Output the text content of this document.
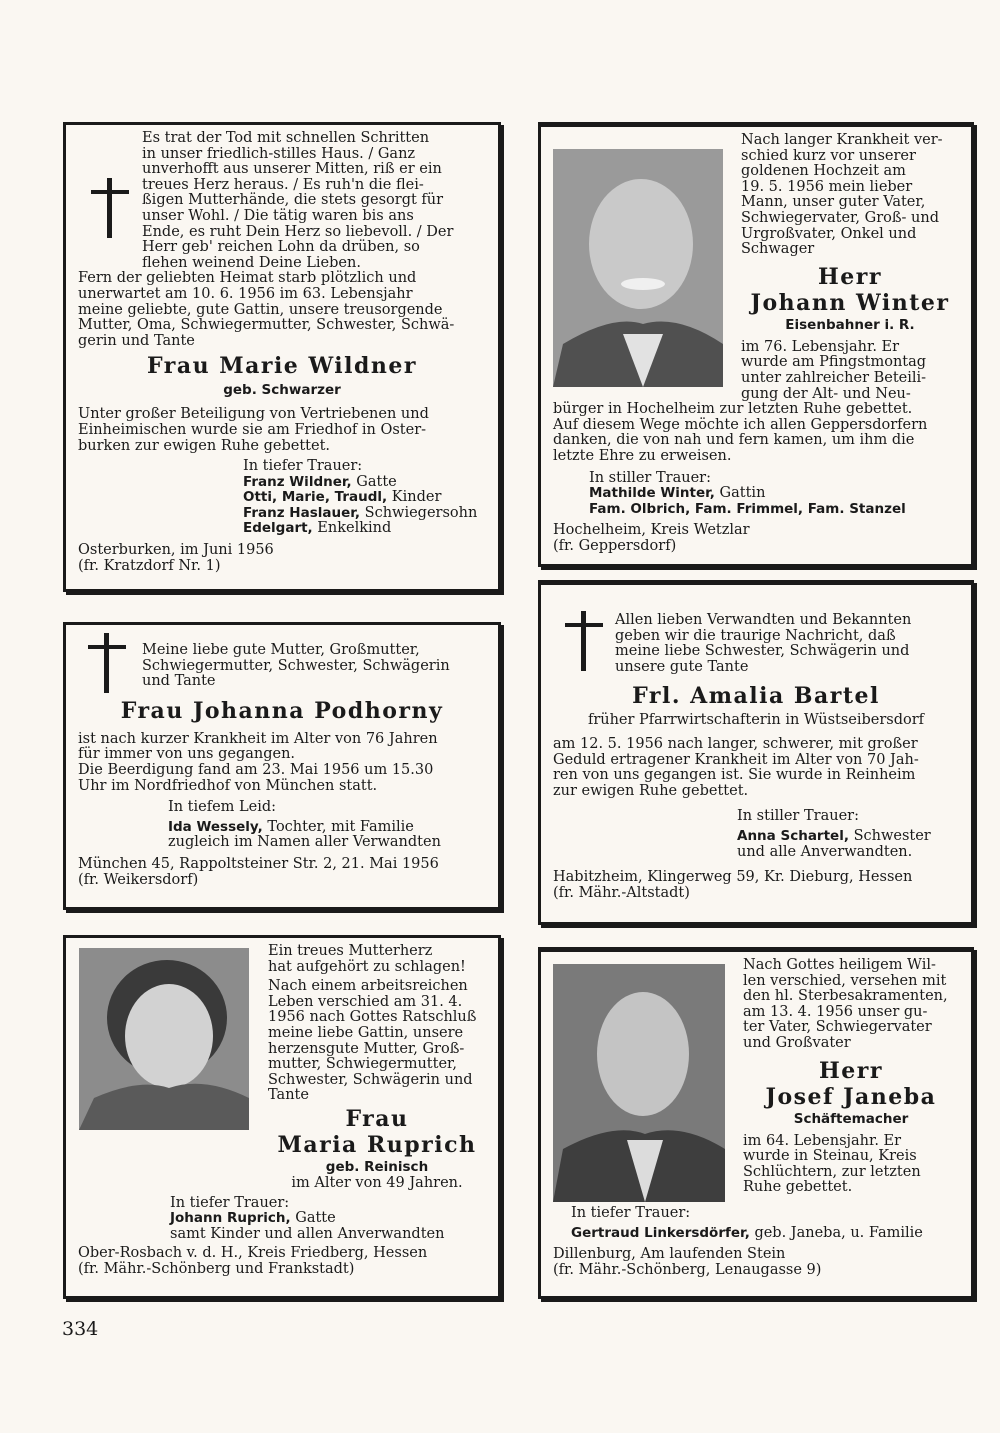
Es trat der Tod mit schnellen Schritten

in unser friedlich-stilles Haus. / Ganz

unverhofft aus unserer Mitten, riß er ein

treues Herz heraus. / Es ruh'n die flei-

ßigen Mutterhände, die stets gesorgt für

unser Wohl. / Die tätig waren bis ans

Ende, es ruht Dein Herz so liebevoll. / Der

Herr geb' reichen Lohn da drüben, so

flehen weinend Deine Lieben.

Fern der geliebten Heimat starb plötzlich und

unerwartet am 10. 6. 1956 im 63. Lebensjahr

meine geliebte, gute Gattin, unsere treusorgende

Mutter, Oma, Schwiegermutter, Schwester, Schwä-

gerin und Tante

Frau Marie Wildner
geb. Schwarzer

Unter großer Beteiligung von Vertriebenen und

Einheimischen wurde sie am Friedhof in Oster-

burken zur ewigen Ruhe gebettet.

In tiefer Trauer:
Franz Wildner, Gatte
Otti, Marie, Traudl, Kinder
Franz Haslauer, Schwiegersohn
Edelgart, Enkelkind
Osterburken, im Juni 1956
(fr. Kratzdorf Nr. 1)

Nach langer Krankheit ver-

schied kurz vor unserer

goldenen Hochzeit am

19. 5. 1956 mein lieber

Mann, unser guter Vater,

Schwiegervater, Groß- und

Urgroßvater, Onkel und

Schwager

Herr
Johann Winter
Eisenbahner i. R.

im 76. Lebensjahr. Er

wurde am Pfingstmontag

unter zahlreicher Beteili-

gung der Alt- und Neu-

bürger in Hochelheim zur letzten Ruhe gebettet.

Auf diesem Wege möchte ich allen Geppersdorfern

danken, die von nah und fern kamen, um ihm die

letzte Ehre zu erweisen.

In stiller Trauer:
Mathilde Winter, Gattin
Fam. Olbrich, Fam. Frimmel, Fam. Stanzel
Hochelheim, Kreis Wetzlar
(fr. Geppersdorf)

Meine liebe gute Mutter, Großmutter,

Schwiegermutter, Schwester, Schwägerin

und Tante

Frau Johanna Podhorny

ist nach kurzer Krankheit im Alter von 76 Jahren

für immer von uns gegangen.

Die Beerdigung fand am 23. Mai 1956 um 15.30

Uhr im Nordfriedhof von München statt.

In tiefem Leid:
Ida Wessely, Tochter, mit Familie
zugleich im Namen aller Verwandten
München 45, Rappoltsteiner Str. 2, 21. Mai 1956
(fr. Weikersdorf)

Allen lieben Verwandten und Bekannten

geben wir die traurige Nachricht, daß

meine liebe Schwester, Schwägerin und

unsere gute Tante

Frl. Amalia Bartel
früher Pfarrwirtschafterin in Wüstseibersdorf

am 12. 5. 1956 nach langer, schwerer, mit großer

Geduld ertragener Krankheit im Alter von 70 Jah-

ren von uns gegangen ist. Sie wurde in Reinheim

zur ewigen Ruhe gebettet.

In stiller Trauer:
Anna Schartel, Schwester
und alle Anverwandten.
Habitzheim, Klingerweg 59, Kr. Dieburg, Hessen
(fr. Mähr.-Altstadt)
Ein treues Mutterherz
hat aufgehört zu schlagen!

Nach einem arbeitsreichen

Leben verschied am 31. 4.

1956 nach Gottes Ratschluß

meine liebe Gattin, unsere

herzensgute Mutter, Groß-

mutter, Schwiegermutter,

Schwester, Schwägerin und

Tante

Frau
Maria Ruprich
geb. Reinisch
im Alter von 49 Jahren.
In tiefer Trauer:
Johann Ruprich, Gatte
samt Kinder und allen Anverwandten
Ober-Rosbach v. d. H., Kreis Friedberg, Hessen
(fr. Mähr.-Schönberg und Frankstadt)

Nach Gottes heiligem Wil-

len verschied, versehen mit

den hl. Sterbesakramenten,

am 13. 4. 1956 unser gu-

ter Vater, Schwiegervater

und Großvater

Herr
Josef Janeba
Schäftemacher

im 64. Lebensjahr. Er

wurde in Steinau, Kreis

Schlüchtern, zur letzten

Ruhe gebettet.

In tiefer Trauer:
Gertraud Linkersdörfer, geb. Janeba, u. Familie
Dillenburg, Am laufenden Stein
(fr. Mähr.-Schönberg, Lenaugasse 9)
334
